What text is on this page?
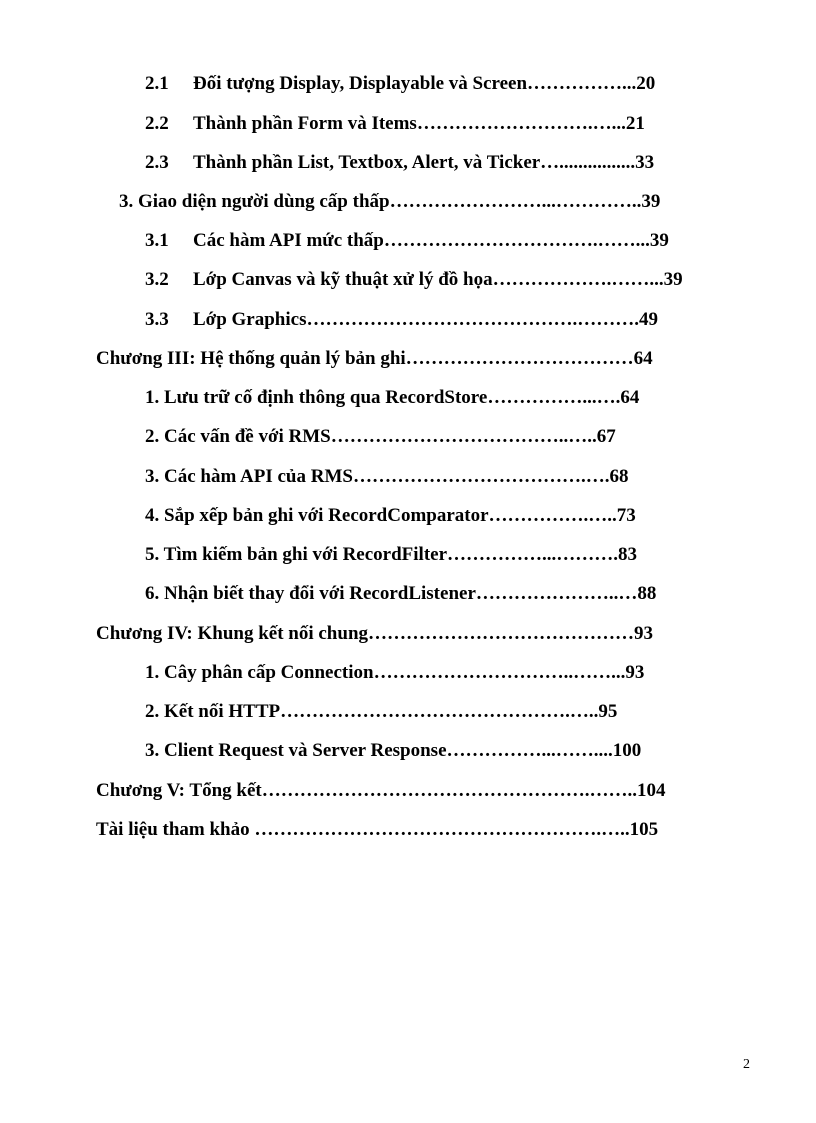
2.1 Đối tượng Display, Displayable và Screen……………...20

2.2 Thành phần Form và Items……………………….…...21

2.3 Thành phần List, Textbox, Alert, và Ticker…................33

3. Giao diện người dùng cấp thấp……………………...…………..39

3.1 Các hàm API mức thấp…………………………….……...39

3.2 Lớp Canvas và kỹ thuật xử lý đồ họa……………….……...39

3.3 Lớp Graphics…………………………………….……….49

Chương III: Hệ thống quản lý bản ghi………………………………64

1. Lưu trữ cố định thông qua RecordStore……………...….64

2. Các vấn đề với RMS………………………………..…..67

3. Các hàm API của RMS……………………………….….68

4. Sắp xếp bản ghi với RecordComparator…………….…..73

5. Tìm kiếm bản ghi với RecordFilter……………...……….83

6. Nhận biết thay đổi với RecordListener…………………..…88

Chương IV: Khung kết nối chung……………………………………93

1. Cây phân cấp Connection…………………………..……...93

2. Kết nối HTTP……………………………………….…..95

3. Client Request và Server Response……………...……....100

Chương V: Tổng kết…………………………………………….……..104

Tài liệu tham khảo ……………………………………………….…..105

2
